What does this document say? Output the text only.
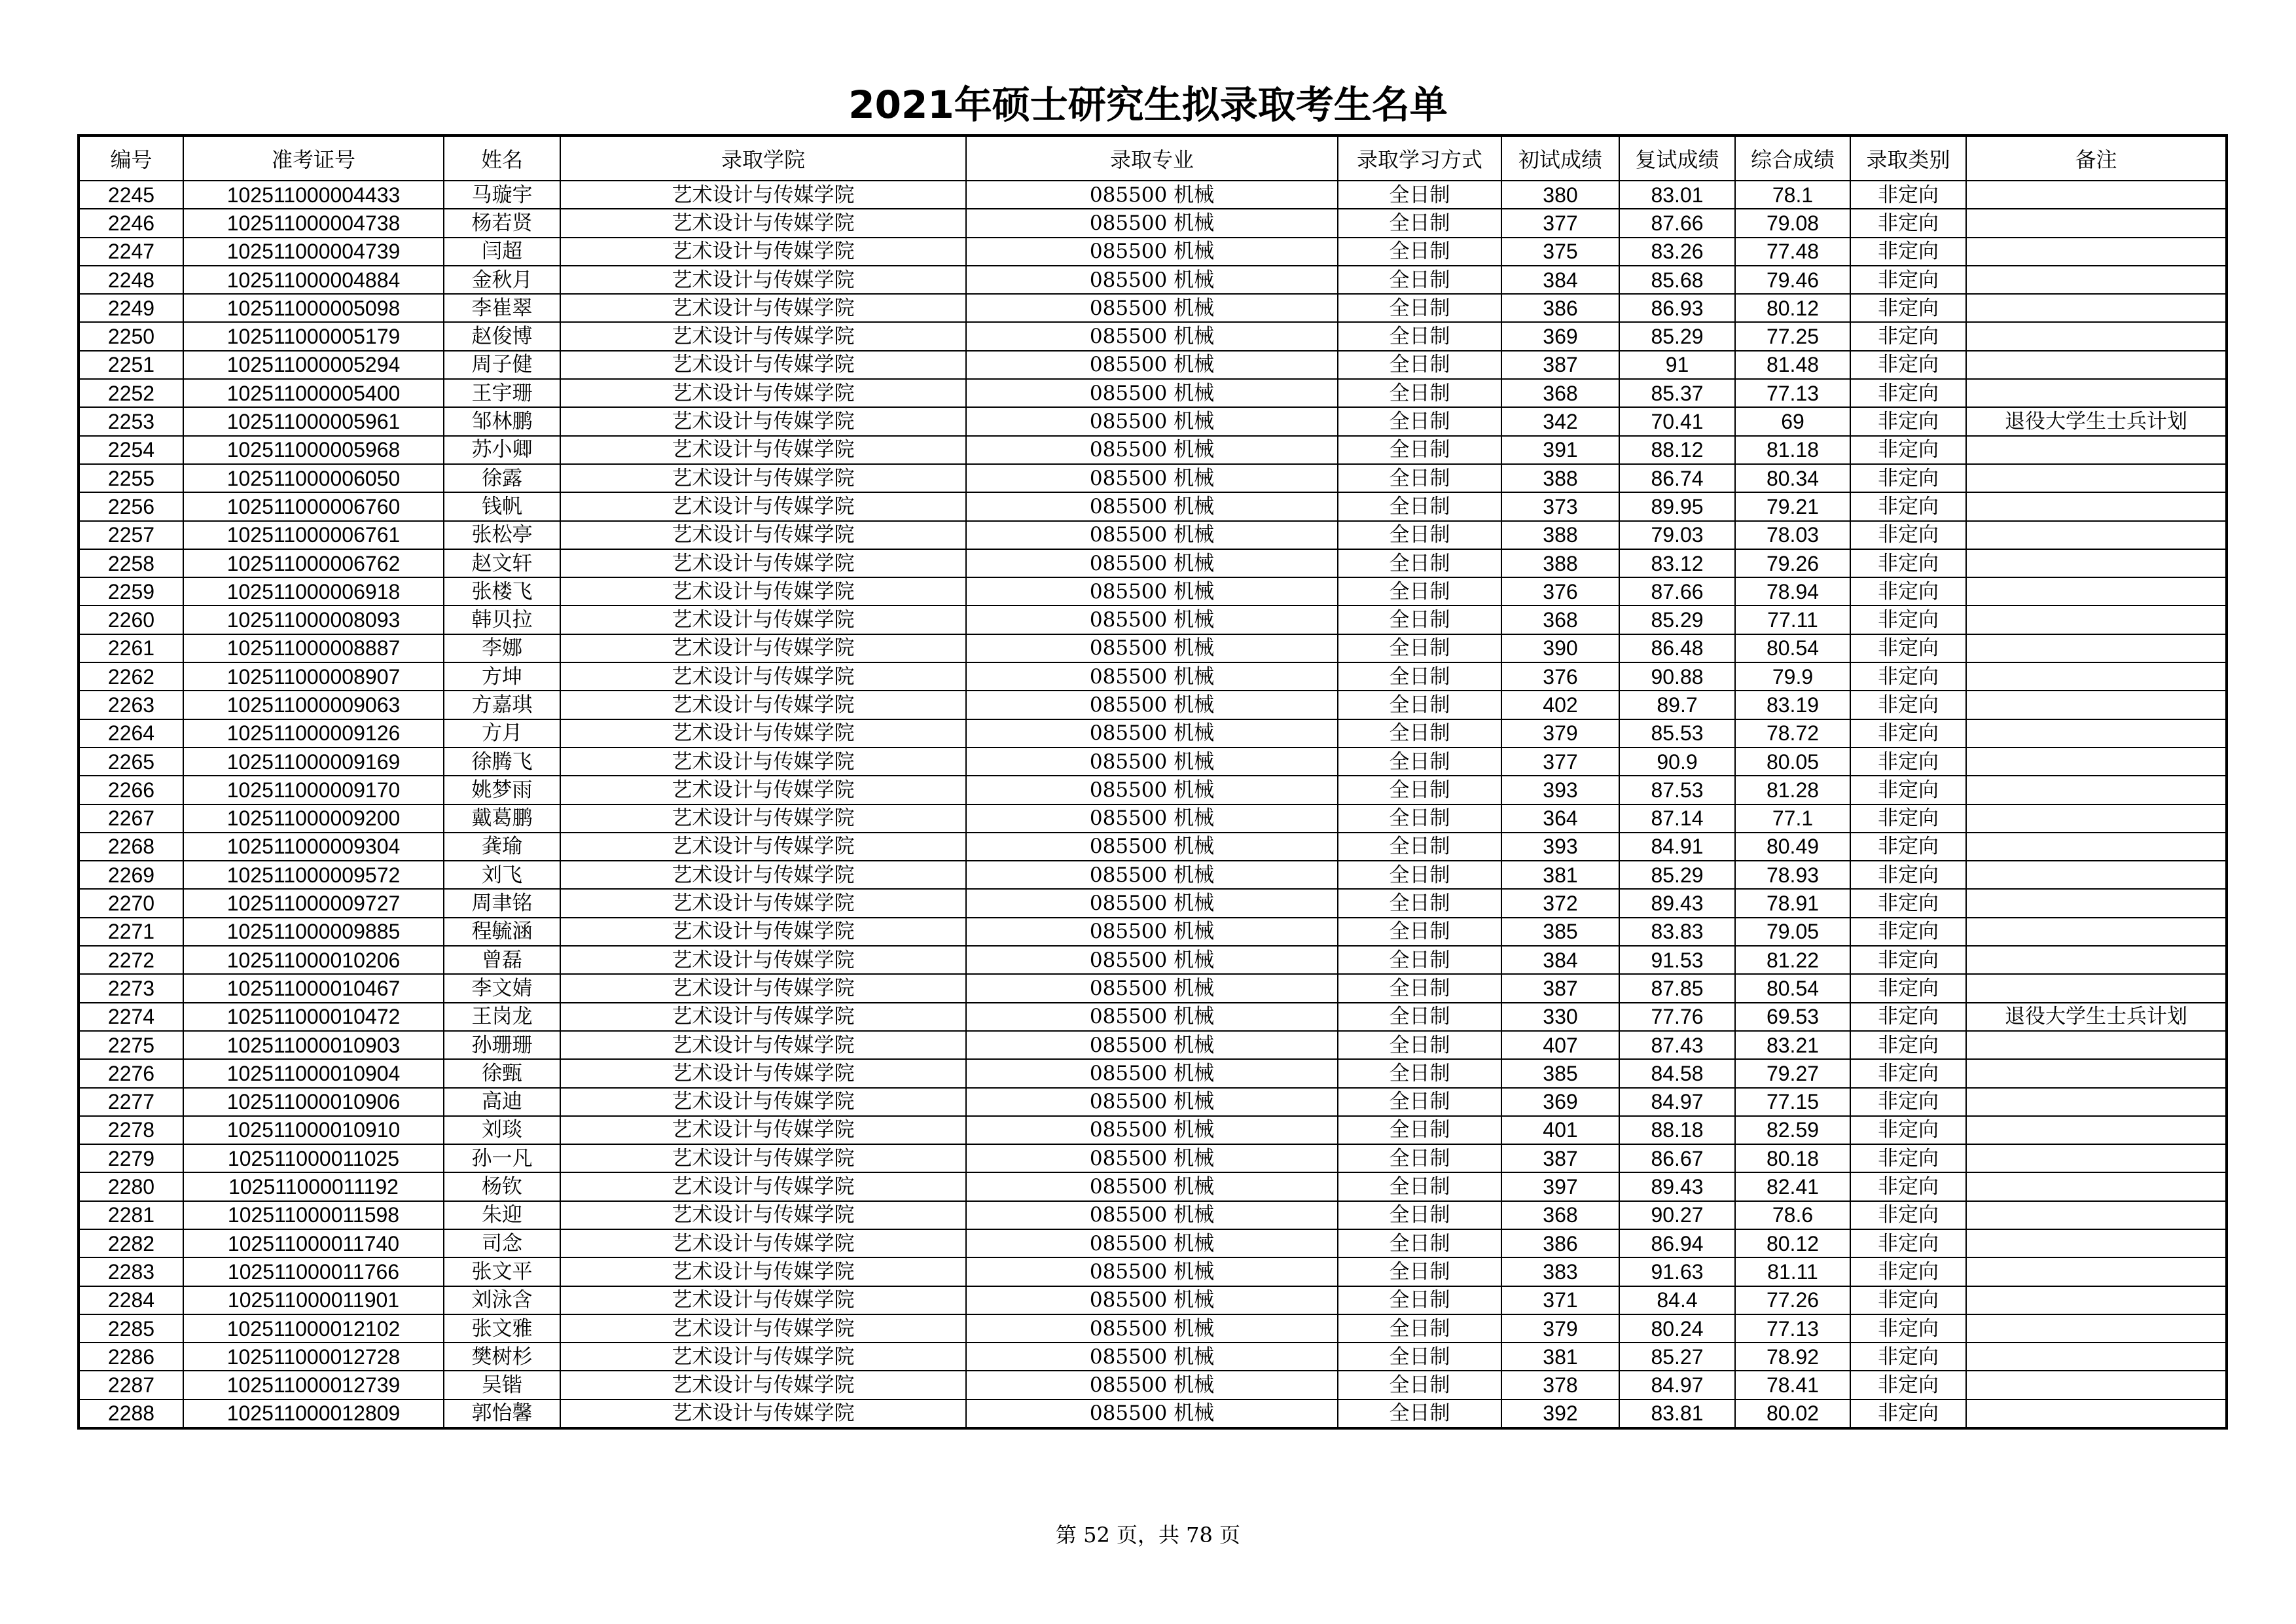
2021年硕士研究生拟录取考生名单
编号	准考证号	姓名	录取学院	录取专业	录取学习方式	初试成绩	复试成绩	综合成绩	录取类别	备注
2245	102511000004433	马璇宇	艺术设计与传媒学院	085500 机械	全日制	380	83.01	78.1	非定向	
2246	102511000004738	杨若贤	艺术设计与传媒学院	085500 机械	全日制	377	87.66	79.08	非定向	
2247	102511000004739	闫超	艺术设计与传媒学院	085500 机械	全日制	375	83.26	77.48	非定向	
2248	102511000004884	金秋月	艺术设计与传媒学院	085500 机械	全日制	384	85.68	79.46	非定向	
2249	102511000005098	李崔翠	艺术设计与传媒学院	085500 机械	全日制	386	86.93	80.12	非定向	
2250	102511000005179	赵俊博	艺术设计与传媒学院	085500 机械	全日制	369	85.29	77.25	非定向	
2251	102511000005294	周子健	艺术设计与传媒学院	085500 机械	全日制	387	91	81.48	非定向	
2252	102511000005400	王宇珊	艺术设计与传媒学院	085500 机械	全日制	368	85.37	77.13	非定向	
2253	102511000005961	邹林鹏	艺术设计与传媒学院	085500 机械	全日制	342	70.41	69	非定向	退役大学生士兵计划
2254	102511000005968	苏小卿	艺术设计与传媒学院	085500 机械	全日制	391	88.12	81.18	非定向	
2255	102511000006050	徐露	艺术设计与传媒学院	085500 机械	全日制	388	86.74	80.34	非定向	
2256	102511000006760	钱帆	艺术设计与传媒学院	085500 机械	全日制	373	89.95	79.21	非定向	
2257	102511000006761	张松亭	艺术设计与传媒学院	085500 机械	全日制	388	79.03	78.03	非定向	
2258	102511000006762	赵文轩	艺术设计与传媒学院	085500 机械	全日制	388	83.12	79.26	非定向	
2259	102511000006918	张楼飞	艺术设计与传媒学院	085500 机械	全日制	376	87.66	78.94	非定向	
2260	102511000008093	韩贝拉	艺术设计与传媒学院	085500 机械	全日制	368	85.29	77.11	非定向	
2261	102511000008887	李娜	艺术设计与传媒学院	085500 机械	全日制	390	86.48	80.54	非定向	
2262	102511000008907	方坤	艺术设计与传媒学院	085500 机械	全日制	376	90.88	79.9	非定向	
2263	102511000009063	方嘉琪	艺术设计与传媒学院	085500 机械	全日制	402	89.7	83.19	非定向	
2264	102511000009126	方月	艺术设计与传媒学院	085500 机械	全日制	379	85.53	78.72	非定向	
2265	102511000009169	徐腾飞	艺术设计与传媒学院	085500 机械	全日制	377	90.9	80.05	非定向	
2266	102511000009170	姚梦雨	艺术设计与传媒学院	085500 机械	全日制	393	87.53	81.28	非定向	
2267	102511000009200	戴葛鹏	艺术设计与传媒学院	085500 机械	全日制	364	87.14	77.1	非定向	
2268	102511000009304	龚瑜	艺术设计与传媒学院	085500 机械	全日制	393	84.91	80.49	非定向	
2269	102511000009572	刘飞	艺术设计与传媒学院	085500 机械	全日制	381	85.29	78.93	非定向	
2270	102511000009727	周聿铭	艺术设计与传媒学院	085500 机械	全日制	372	89.43	78.91	非定向	
2271	102511000009885	程毓涵	艺术设计与传媒学院	085500 机械	全日制	385	83.83	79.05	非定向	
2272	102511000010206	曾磊	艺术设计与传媒学院	085500 机械	全日制	384	91.53	81.22	非定向	
2273	102511000010467	李文婧	艺术设计与传媒学院	085500 机械	全日制	387	87.85	80.54	非定向	
2274	102511000010472	王岗龙	艺术设计与传媒学院	085500 机械	全日制	330	77.76	69.53	非定向	退役大学生士兵计划
2275	102511000010903	孙珊珊	艺术设计与传媒学院	085500 机械	全日制	407	87.43	83.21	非定向	
2276	102511000010904	徐甄	艺术设计与传媒学院	085500 机械	全日制	385	84.58	79.27	非定向	
2277	102511000010906	高迪	艺术设计与传媒学院	085500 机械	全日制	369	84.97	77.15	非定向	
2278	102511000010910	刘琰	艺术设计与传媒学院	085500 机械	全日制	401	88.18	82.59	非定向	
2279	102511000011025	孙一凡	艺术设计与传媒学院	085500 机械	全日制	387	86.67	80.18	非定向	
2280	102511000011192	杨钦	艺术设计与传媒学院	085500 机械	全日制	397	89.43	82.41	非定向	
2281	102511000011598	朱迎	艺术设计与传媒学院	085500 机械	全日制	368	90.27	78.6	非定向	
2282	102511000011740	司念	艺术设计与传媒学院	085500 机械	全日制	386	86.94	80.12	非定向	
2283	102511000011766	张文平	艺术设计与传媒学院	085500 机械	全日制	383	91.63	81.11	非定向	
2284	102511000011901	刘泳含	艺术设计与传媒学院	085500 机械	全日制	371	84.4	77.26	非定向	
2285	102511000012102	张文雅	艺术设计与传媒学院	085500 机械	全日制	379	80.24	77.13	非定向	
2286	102511000012728	樊树杉	艺术设计与传媒学院	085500 机械	全日制	381	85.27	78.92	非定向	
2287	102511000012739	吴锴	艺术设计与传媒学院	085500 机械	全日制	378	84.97	78.41	非定向	
2288	102511000012809	郭怡馨	艺术设计与传媒学院	085500 机械	全日制	392	83.81	80.02	非定向	
第 52 页，共 78 页
